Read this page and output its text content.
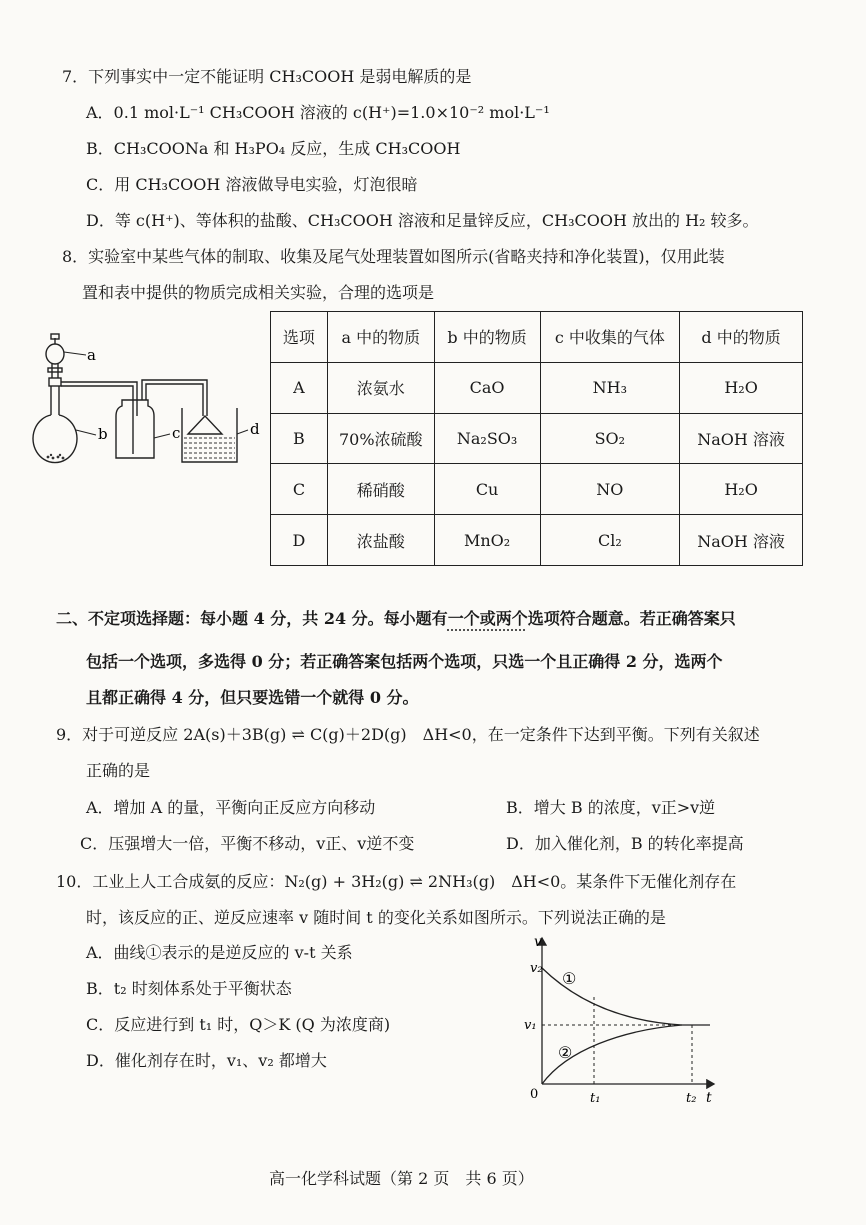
7．下列事实中一定不能证明 CH₃COOH 是弱电解质的是
A．0.1 mol·L⁻¹ CH₃COOH 溶液的 c(H⁺)=1.0×10⁻² mol·L⁻¹
B．CH₃COONa 和 H₃PO₄ 反应，生成 CH₃COOH
C．用 CH₃COOH 溶液做导电实验，灯泡很暗
D．等 c(H⁺)、等体积的盐酸、CH₃COOH 溶液和足量锌反应，CH₃COOH 放出的 H₂ 较多。
8．实验室中某些气体的制取、收集及尾气处理装置如图所示(省略夹持和净化装置)，仅用此装
置和表中提供的物质完成相关实验，合理的选项是
a
b	c	d
选项	a 中的物质	b 中的物质	c 中收集的气体	d 中的物质
A	浓氨水	CaO	NH₃	H₂O
B	70%浓硫酸	Na₂SO₃	SO₂	NaOH 溶液
C	稀硝酸	Cu	NO	H₂O
D	浓盐酸	MnO₂	Cl₂	NaOH 溶液
二、不定项选择题：每小题 4 分，共 24 分。每小题有一个或两个选项符合题意。若正确答案只
包括一个选项，多选得 0 分；若正确答案包括两个选项，只选一个且正确得 2 分，选两个
且都正确得 4 分，但只要选错一个就得 0 分。
9．对于可逆反应 2A(s)＋3B(g) ⇌ C(g)＋2D(g)　ΔH<0，在一定条件下达到平衡。下列有关叙述
正确的是
A．增加 A 的量，平衡向正反应方向移动	B．增大 B 的浓度，v正>v逆
C．压强增大一倍，平衡不移动，v正、v逆不变	D．加入催化剂，B 的转化率提高
10．工业上人工合成氨的反应：N₂(g) + 3H₂(g) ⇌ 2NH₃(g)　ΔH<0。某条件下无催化剂存在
时，该反应的正、逆反应速率 v 随时间 t 的变化关系如图所示。下列说法正确的是
A．曲线①表示的是逆反应的 v-t 关系
B．t₂ 时刻体系处于平衡状态
C．反应进行到 t₁ 时，Q＞K (Q 为浓度商)
D．催化剂存在时，v₁、v₂ 都增大
v
v₂
v₁
0	t₁	t₂ t
①
②
高一化学科试题（第 2 页　共 6 页）
